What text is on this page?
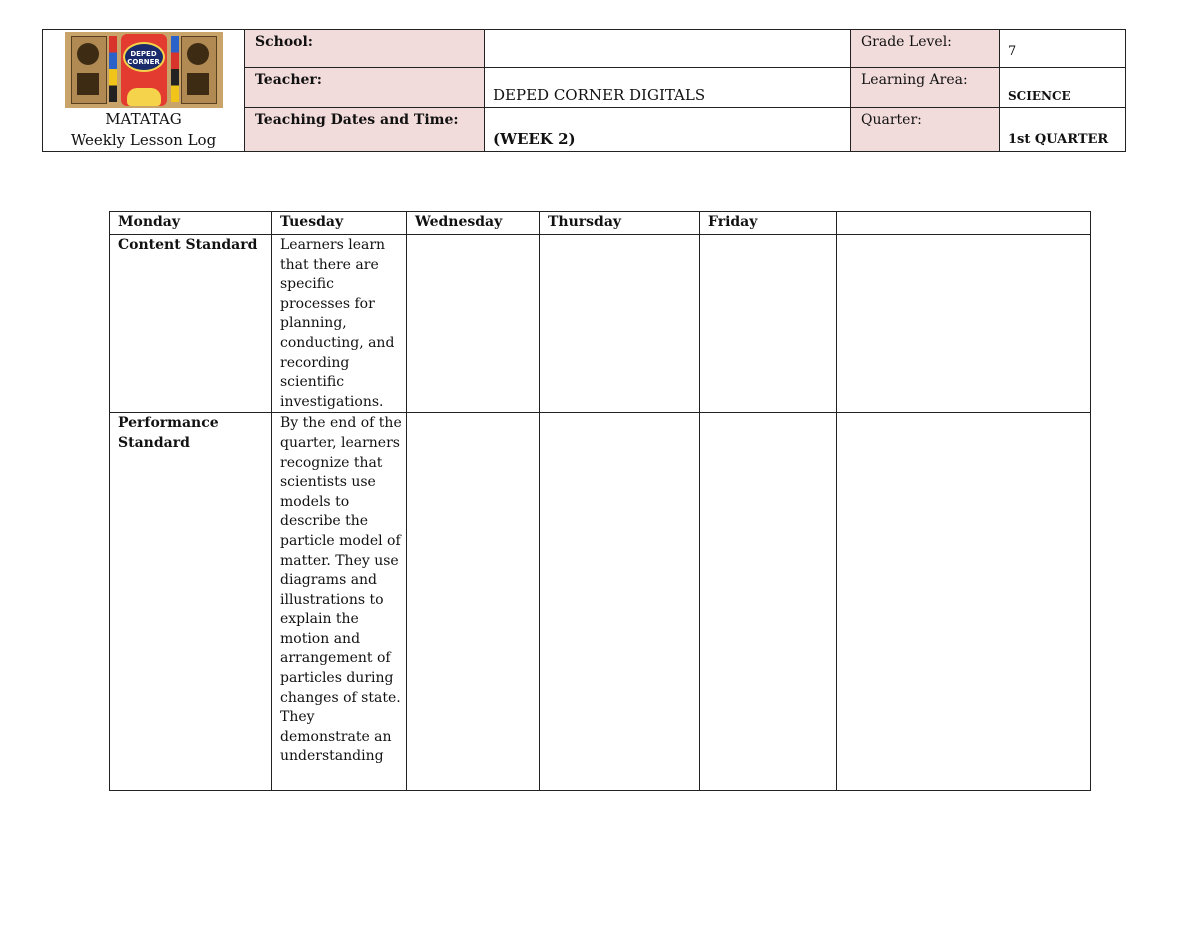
DEPED CORNER
MATATAG
Weekly Lesson Log	School:		Grade Level:	7

	Teacher:	DEPED CORNER DIGITALS	Learning Area:	SCIENCE

	Teaching Dates and Time:	(WEEK 2)	Quarter:	1st QUARTER
Monday	Tuesday	Wednesday	Thursday	Friday	
Content Standard	Learners learn that there are specific processes for planning, conducting, and recording scientific investigations.				
Performance Standard	By the end of the quarter, learners recognize that scientists use models to describe the particle model of matter. They use diagrams and illustrations to explain the motion and arrangement of particles during changes of state. They demonstrate an understanding				
